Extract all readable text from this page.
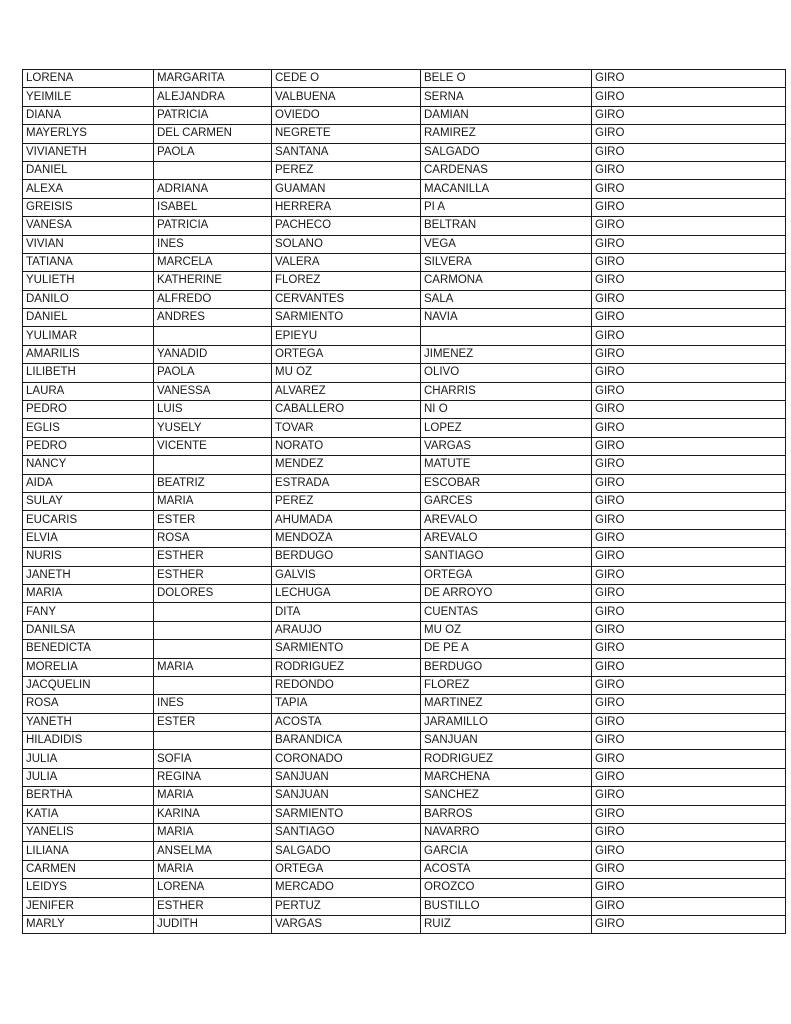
LORENA	MARGARITA	CEDE O	BELE O	GIRO
YEIMILE	ALEJANDRA	VALBUENA	SERNA	GIRO
DIANA	PATRICIA	OVIEDO	DAMIAN	GIRO
MAYERLYS	DEL CARMEN	NEGRETE	RAMIREZ	GIRO
VIVIANETH	PAOLA	SANTANA	SALGADO	GIRO
DANIEL		PEREZ	CARDENAS	GIRO
ALEXA	ADRIANA	GUAMAN	MACANILLA	GIRO
GREISIS	ISABEL	HERRERA	PI A	GIRO
VANESA	PATRICIA	PACHECO	BELTRAN	GIRO
VIVIAN	INES	SOLANO	VEGA	GIRO
TATIANA	MARCELA	VALERA	SILVERA	GIRO
YULIETH	KATHERINE	FLOREZ	CARMONA	GIRO
DANILO	ALFREDO	CERVANTES	SALA	GIRO
DANIEL	ANDRES	SARMIENTO	NAVIA	GIRO
YULIMAR		EPIEYU		GIRO
AMARILIS	YANADID	ORTEGA	JIMENEZ	GIRO
LILIBETH	PAOLA	MU OZ	OLIVO	GIRO
LAURA	VANESSA	ALVAREZ	CHARRIS	GIRO
PEDRO	LUIS	CABALLERO	NI O	GIRO
EGLIS	YUSELY	TOVAR	LOPEZ	GIRO
PEDRO	VICENTE	NORATO	VARGAS	GIRO
NANCY		MENDEZ	MATUTE	GIRO
AIDA	BEATRIZ	ESTRADA	ESCOBAR	GIRO
SULAY	MARIA	PEREZ	GARCES	GIRO
EUCARIS	ESTER	AHUMADA	AREVALO	GIRO
ELVIA	ROSA	MENDOZA	AREVALO	GIRO
NURIS	ESTHER	BERDUGO	SANTIAGO	GIRO
JANETH	ESTHER	GALVIS	ORTEGA	GIRO
MARIA	DOLORES	LECHUGA	DE ARROYO	GIRO
FANY		DITA	CUENTAS	GIRO
DANILSA		ARAUJO	MU OZ	GIRO
BENEDICTA		SARMIENTO	DE PE A	GIRO
MORELIA	MARIA	RODRIGUEZ	BERDUGO	GIRO
JACQUELIN		REDONDO	FLOREZ	GIRO
ROSA	INES	TAPIA	MARTINEZ	GIRO
YANETH	ESTER	ACOSTA	JARAMILLO	GIRO
HILADIDIS		BARANDICA	SANJUAN	GIRO
JULIA	SOFIA	CORONADO	RODRIGUEZ	GIRO
JULIA	REGINA	SANJUAN	MARCHENA	GIRO
BERTHA	MARIA	SANJUAN	SANCHEZ	GIRO
KATIA	KARINA	SARMIENTO	BARROS	GIRO
YANELIS	MARIA	SANTIAGO	NAVARRO	GIRO
LILIANA	ANSELMA	SALGADO	GARCIA	GIRO
CARMEN	MARIA	ORTEGA	ACOSTA	GIRO
LEIDYS	LORENA	MERCADO	OROZCO	GIRO
JENIFER	ESTHER	PERTUZ	BUSTILLO	GIRO
MARLY	JUDITH	VARGAS	RUIZ	GIRO
